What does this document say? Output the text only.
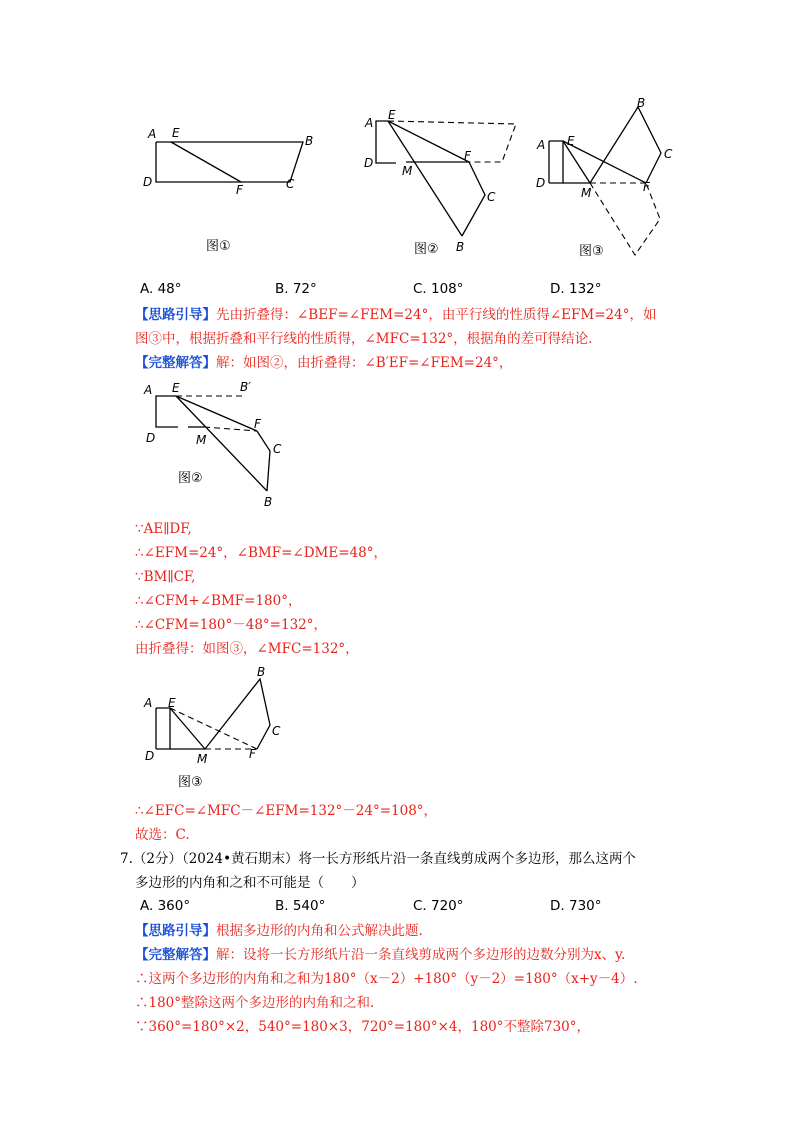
A E
B
D
F	C
图①
A
E
D
M
F
C
B
图②
A E
B
C
D
M	F
图③
A. 48°	B. 72°	C. 108°	D. 132°
【思路引导】先由折叠得：∠BEF=∠FEM=24°，由平行线的性质得∠EFM=24°，如
图③中，根据折叠和平行线的性质得，∠MFC=132°，根据角的差可得结论.
【完整解答】解：如图②，由折叠得：∠B′EF=∠FEM=24°，
A E	B′
D	M
F
C
B
图②
∵AE∥DF,
∴∠EFM=24°，∠BMF=∠DME=48°，
∵BM∥CF,
∴∠CFM+∠BMF=180°，
∴∠CFM=180°－48°=132°，
由折叠得：如图③，∠MFC=132°，
A E
B
C
D	M	F
图③
∴∠EFC=∠MFC－∠EFM=132°－24°=108°，
故选：C.
7.（2分）（2024•黄石期末）将一长方形纸片沿一条直线剪成两个多边形，那么这两个
多边形的内角和之和不可能是（　　）
A. 360°	B. 540°	C. 720°	D. 730°
【思路引导】根据多边形的内角和公式解决此题.
【完整解答】解：设将一长方形纸片沿一条直线剪成两个多边形的边数分别为x、y.
∴这两个多边形的内角和之和为180°（x－2）+180°（y－2）=180°（x+y－4）.
∴180°整除这两个多边形的内角和之和.
∵360°=180°×2，540°=180×3，720°=180°×4，180°不整除730°，
